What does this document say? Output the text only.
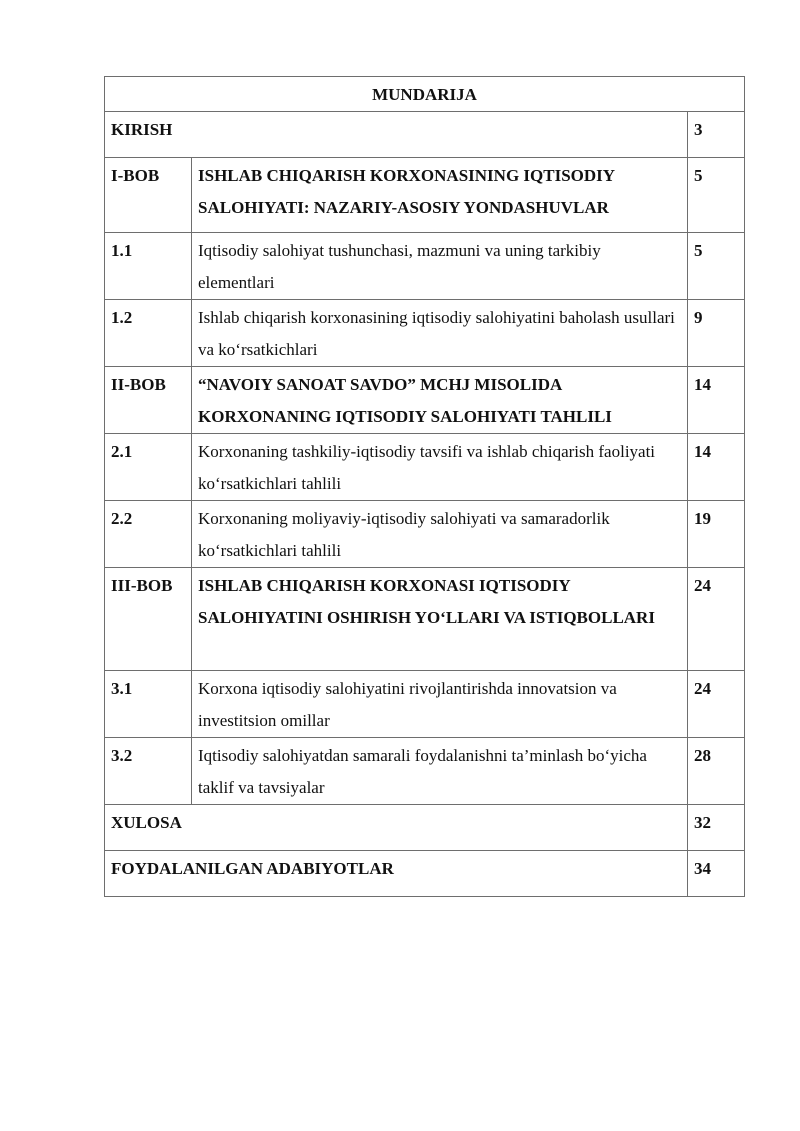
MUNDARIJA		
KIRISH		3
I-BOB	ISHLAB CHIQARISH KORXONASINING IQTISODIY SALOHIYATI: NAZARIY-ASOSIY YONDASHUVLAR	5
1.1	Iqtisodiy salohiyat tushunchasi, mazmuni va uning tarkibiy elementlari	5
1.2	Ishlab chiqarish korxonasining iqtisodiy salohiyatini baholash usullari va ko‘rsatkichlari	9
II-BOB	“NAVOIY SANOAT SAVDO” MCHJ MISOLIDA KORXONANING IQTISODIY SALOHIYATI TAHLILI	14
2.1	Korxonaning tashkiliy-iqtisodiy tavsifi va ishlab chiqarish faoliyati ko‘rsatkichlari tahlili	14
2.2	Korxonaning moliyaviy-iqtisodiy salohiyati va samaradorlik ko‘rsatkichlari tahlili	19
III-BOB	ISHLAB CHIQARISH KORXONASI IQTISODIY SALOHIYATINI OSHIRISH YO‘LLARI VA ISTIQBOLLARI	24
3.1	Korxona iqtisodiy salohiyatini rivojlantirishda innovatsion va investitsion omillar	24
3.2	Iqtisodiy salohiyatdan samarali foydalanishni ta’minlash bo‘yicha taklif va tavsiyalar	28
XULOSA		32
FOYDALANILGAN ADABIYOTLAR		34
